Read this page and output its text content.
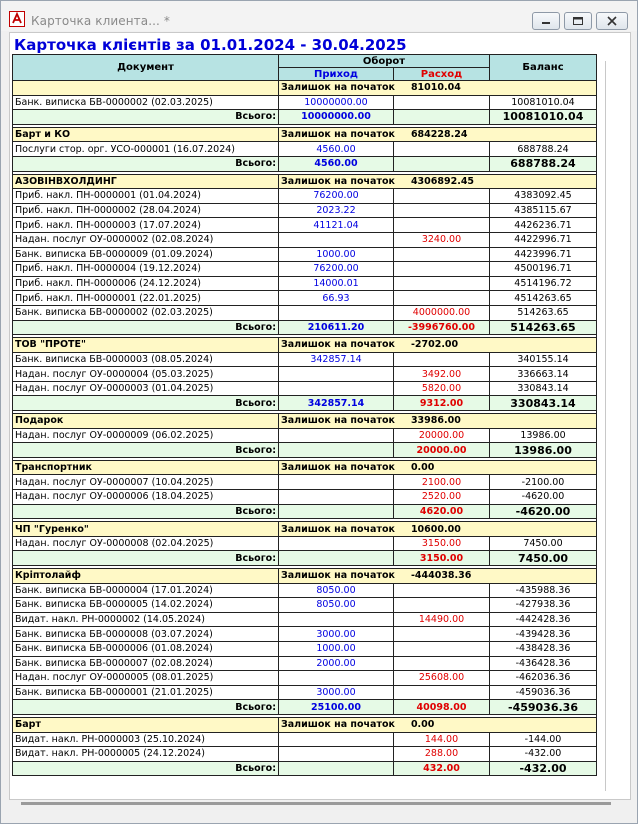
Карточка клиента... *
Карточка клієнтів за 01.01.2024 - 30.04.2025
Документ	Оборот		Баланс
	Приход	Расход	
	Залишок на початок 81010.04		
Банк. виписка БВ-0000002 (02.03.2025)	10000000.00		10081010.04
Всього:	10000000.00		10081010.04

Барт и КО	Залишок на початок 684228.24		
Послуги стор. орг. УСО-000001 (16.07.2024)	4560.00		688788.24
Всього:	4560.00		688788.24

АЗОВІНВХОЛДИНГ	Залишок на початок 4306892.45		
Приб. накл. ПН-0000001 (01.04.2024)	76200.00		4383092.45
Приб. накл. ПН-0000002 (28.04.2024)	2023.22		4385115.67
Приб. накл. ПН-0000003 (17.07.2024)	41121.04		4426236.71
Надан. послуг ОУ-0000002 (02.08.2024)		3240.00	4422996.71
Банк. виписка БВ-0000009 (01.09.2024)	1000.00		4423996.71
Приб. накл. ПН-0000004 (19.12.2024)	76200.00		4500196.71
Приб. накл. ПН-0000006 (24.12.2024)	14000.01		4514196.72
Приб. накл. ПН-0000001 (22.01.2025)	66.93		4514263.65
Банк. виписка БВ-0000002 (02.03.2025)		4000000.00	514263.65
Всього:	210611.20	-3996760.00	514263.65

ТОВ "ПРОТЕ"	Залишок на початок -2702.00		
Банк. виписка БВ-0000003 (08.05.2024)	342857.14		340155.14
Надан. послуг ОУ-0000004 (05.03.2025)		3492.00	336663.14
Надан. послуг ОУ-0000003 (01.04.2025)		5820.00	330843.14
Всього:	342857.14	9312.00	330843.14

Подарок	Залишок на початок 33986.00		
Надан. послуг ОУ-0000009 (06.02.2025)		20000.00	13986.00
Всього:		20000.00	13986.00

Транспортник	Залишок на початок 0.00		
Надан. послуг ОУ-0000007 (10.04.2025)		2100.00	-2100.00
Надан. послуг ОУ-0000006 (18.04.2025)		2520.00	-4620.00
Всього:		4620.00	-4620.00

ЧП "Гуренко"	Залишок на початок 10600.00		
Надан. послуг ОУ-0000008 (02.04.2025)		3150.00	7450.00
Всього:		3150.00	7450.00

Кріптолайф	Залишок на початок -444038.36		
Банк. виписка БВ-0000004 (17.01.2024)	8050.00		-435988.36
Банк. виписка БВ-0000005 (14.02.2024)	8050.00		-427938.36
Видат. накл. РН-0000002 (14.05.2024)		14490.00	-442428.36
Банк. виписка БВ-0000008 (03.07.2024)	3000.00		-439428.36
Банк. виписка БВ-0000006 (01.08.2024)	1000.00		-438428.36
Банк. виписка БВ-0000007 (02.08.2024)	2000.00		-436428.36
Надан. послуг ОУ-0000005 (08.01.2025)		25608.00	-462036.36
Банк. виписка БВ-0000001 (21.01.2025)	3000.00		-459036.36
Всього:	25100.00	40098.00	-459036.36

Барт	Залишок на початок 0.00		
Видат. накл. РН-0000003 (25.10.2024)		144.00	-144.00
Видат. накл. РН-0000005 (24.12.2024)		288.00	-432.00
Всього:		432.00	-432.00
